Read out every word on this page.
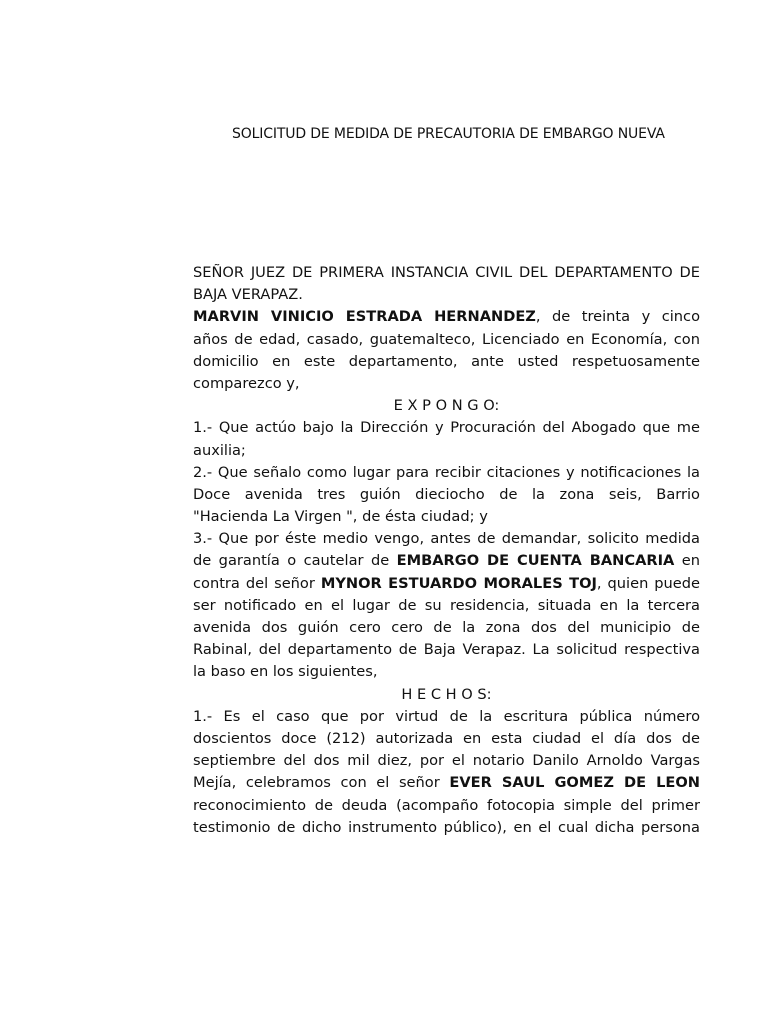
SOLICITUD DE MEDIDA DE PRECAUTORIA DE EMBARGO NUEVA
SEÑOR JUEZ DE PRIMERA INSTANCIA CIVIL DEL DEPARTAMENTO DE
BAJA VERAPAZ.
MARVIN VINICIO ESTRADA HERNANDEZ, de treinta y cinco
años de edad, casado, guatemalteco, Licenciado en Economía, con
domicilio en este departamento, ante usted respetuosamente
comparezco y,
E X P O N G O:
1.- Que actúo bajo la Dirección y Procuración del Abogado que me
auxilia;
2.- Que señalo como lugar para recibir citaciones y notificaciones la
Doce avenida tres guión dieciocho de la zona seis, Barrio
"Hacienda La Virgen ", de ésta ciudad; y
3.- Que por éste medio vengo, antes de demandar, solicito medida
de garantía o cautelar de EMBARGO DE CUENTA BANCARIA en
contra del señor MYNOR ESTUARDO MORALES TOJ, quien puede
ser notificado en el lugar de su residencia, situada en la tercera
avenida dos guión cero cero de la zona dos del municipio de
Rabinal, del departamento de Baja Verapaz. La solicitud respectiva
la baso en los siguientes,
H E C H O S:
1.- Es el caso que por virtud de la escritura pública número
doscientos doce (212) autorizada en esta ciudad el día dos de
septiembre del dos mil diez, por el notario Danilo Arnoldo Vargas
Mejía, celebramos con el señor EVER SAUL GOMEZ DE LEON
reconocimiento de deuda (acompaño fotocopia simple del primer
testimonio de dicho instrumento público), en el cual dicha persona
